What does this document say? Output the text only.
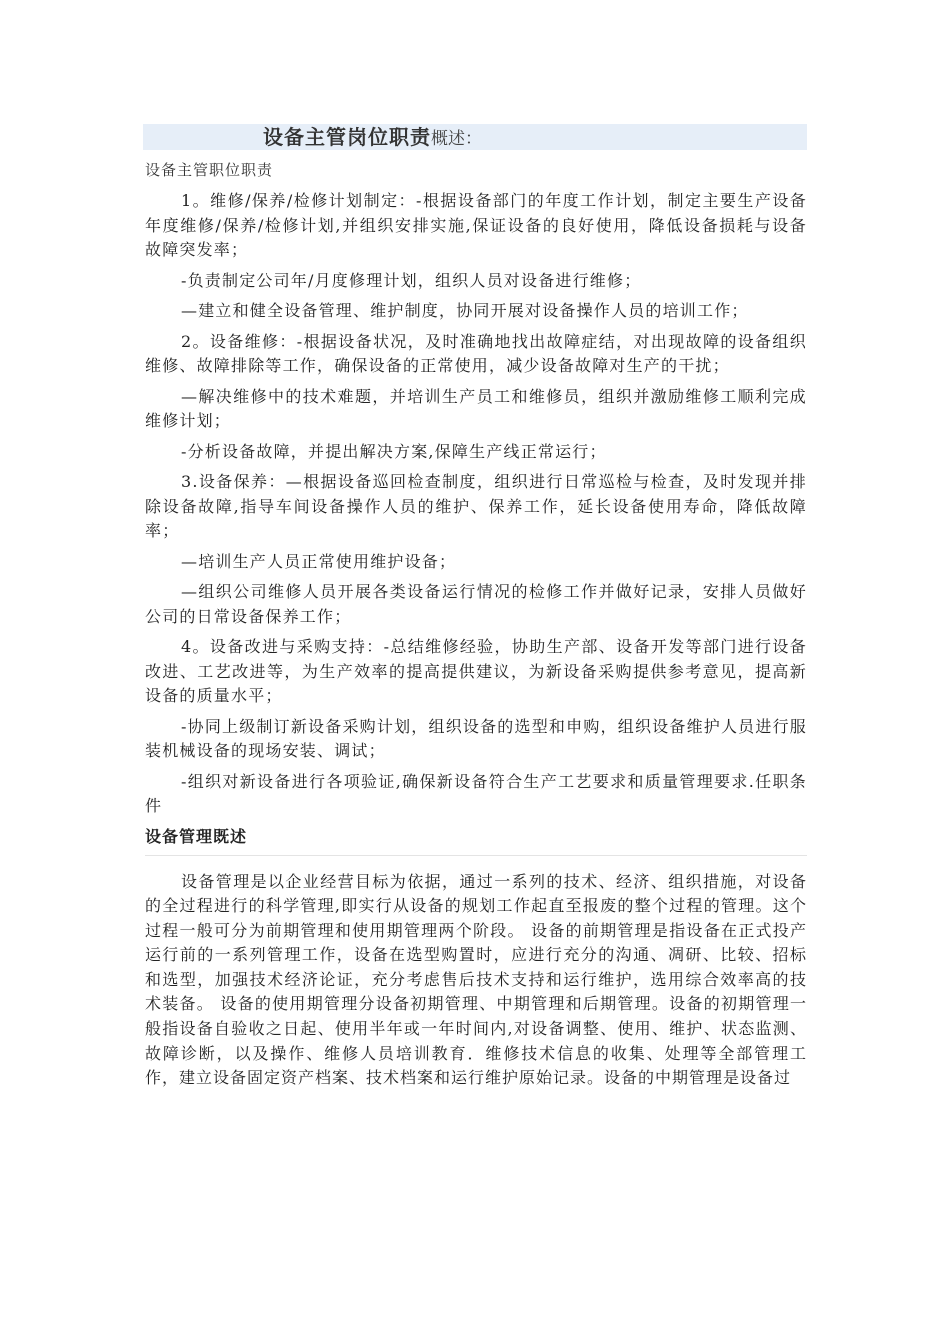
设备主管岗位职责概述：
设备主管职位职责

1。维修/保养/检修计划制定：-根据设备部门的年度工作计划，制定主要生产设备年度维修/保养/检修计划,并组织安排实施,保证设备的良好使用，降低设备损耗与设备故障突发率；

-负责制定公司年/月度修理计划，组织人员对设备进行维修；

—建立和健全设备管理、维护制度，协同开展对设备操作人员的培训工作；

2。设备维修：-根据设备状况，及时准确地找出故障症结，对出现故障的设备组织维修、故障排除等工作，确保设备的正常使用，减少设备故障对生产的干扰；

—解决维修中的技术难题，并培训生产员工和维修员，组织并激励维修工顺利完成维修计划；

-分析设备故障，并提出解决方案,保障生产线正常运行；

3.设备保养：—根据设备巡回检查制度，组织进行日常巡检与检查，及时发现并排除设备故障,指导车间设备操作人员的维护、保养工作，延长设备使用寿命，降低故障率；

—培训生产人员正常使用维护设备；

—组织公司维修人员开展各类设备运行情况的检修工作并做好记录，安排人员做好公司的日常设备保养工作；

4。设备改进与采购支持：-总结维修经验，协助生产部、设备开发等部门进行设备改进、工艺改进等，为生产效率的提高提供建议，为新设备采购提供参考意见，提高新设备的质量水平；

-协同上级制订新设备采购计划，组织设备的选型和申购，组织设备维护人员进行服装机械设备的现场安装、调试；

-组织对新设备进行各项验证,确保新设备符合生产工艺要求和质量管理要求.任职条件

设备管理既述
设备管理是以企业经营目标为依据，通过一系列的技术、经济、组织措施，对设备的全过程进行的科学管理,即实行从设备的规划工作起直至报废的整个过程的管理。这个过程一般可分为前期管理和使用期管理两个阶段。 设备的前期管理是指设备在正式投产运行前的一系列管理工作，设备在选型购置时，应进行充分的沟通、凋研、比较、招标和选型，加强技术经济论证，充分考虑售后技术支持和运行维护，选用综合效率高的技术装备。 设备的使用期管理分设备初期管理、中期管理和后期管理。设备的初期管理一般指设备自验收之日起、使用半年或一年时间内,对设备调整、使用、维护、状态监测、故障诊断，以及操作、维修人员培训教育．维修技术信息的收集、处理等全部管理工作，建立设备固定资产档案、技术档案和运行维护原始记录。设备的中期管理是设备过
